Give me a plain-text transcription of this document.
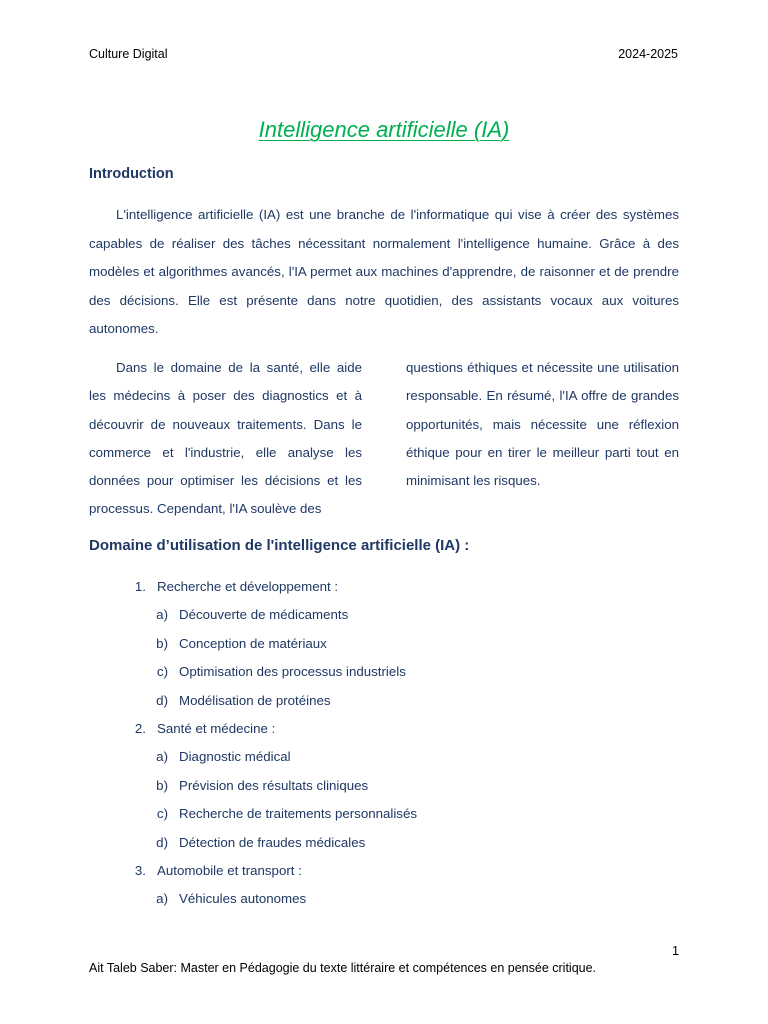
Culture Digital	2024-2025
Intelligence artificielle (IA)
Introduction

L'intelligence artificielle (IA) est une branche de l'informatique qui vise à créer des systèmes capables de réaliser des tâches nécessitant normalement l'intelligence humaine. Grâce à des modèles et algorithmes avancés, l'IA permet aux machines d'apprendre, de raisonner et de prendre des décisions. Elle est présente dans notre quotidien, des assistants vocaux aux voitures autonomes.

Dans le domaine de la santé, elle aide les médecins à poser des diagnostics et à découvrir de nouveaux traitements. Dans le commerce et l'industrie, elle analyse les données pour optimiser les décisions et les processus. Cependant, l'IA soulève des

questions éthiques et nécessite une utilisation responsable. En résumé, l'IA offre de grandes opportunités, mais nécessite une réflexion éthique pour en tirer le meilleur parti tout en minimisant les risques.

Domaine d’utilisation de l'intelligence artificielle (IA) :
1. Recherche et développement :
a) Découverte de médicaments
b) Conception de matériaux
c) Optimisation des processus industriels
d) Modélisation de protéines
2. Santé et médecine :
a) Diagnostic médical
b) Prévision des résultats cliniques
c) Recherche de traitements personnalisés
d) Détection de fraudes médicales
3. Automobile et transport :
a) Véhicules autonomes
1
Ait Taleb Saber: Master en Pédagogie du texte littéraire et compétences en pensée critique.
